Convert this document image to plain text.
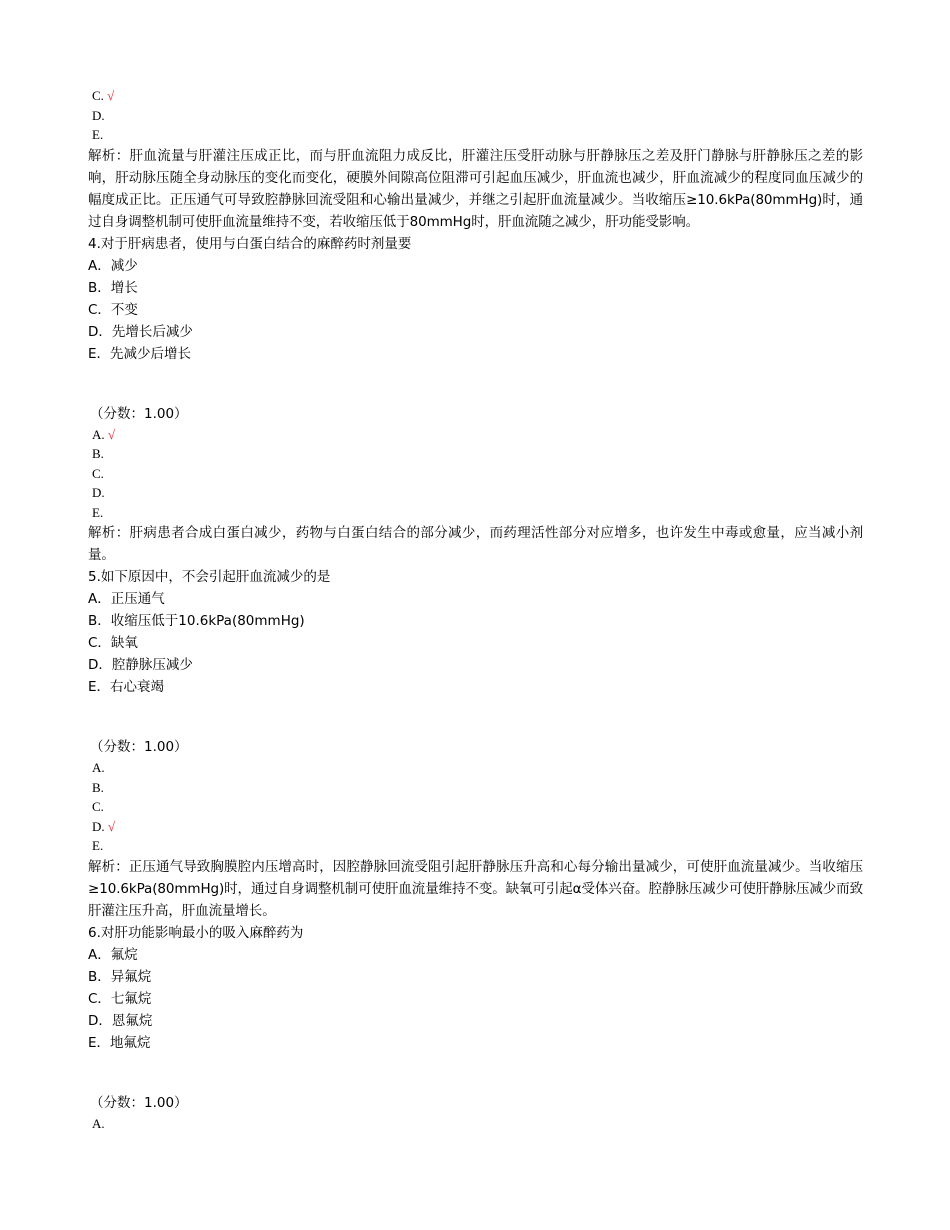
C. √
D.
E.

解析：肝血流量与肝灌注压成正比，而与肝血流阻力成反比，肝灌注压受肝动脉与肝静脉压之差及肝门静脉与肝静脉压之差的影响，肝动脉压随全身动脉压的变化而变化，硬膜外间隙高位阻滞可引起血压减少，肝血流也减少，肝血流减少的程度同血压减少的幅度成正比。正压通气可导致腔静脉回流受阻和心输出量减少，并继之引起肝血流量减少。当收缩压≥10.6kPa(80mmHg)时，通过自身调整机制可使肝血流量维持不变，若收缩压低于80mmHg时，肝血流随之减少，肝功能受影响。

4.对于肝病患者，使用与白蛋白结合的麻醉药时剂量要
A．减少
B．增长
C．不变
D．先增长后减少
E．先减少后增长
（分数：1.00）
A. √
B.
C.
D.
E.

解析：肝病患者合成白蛋白减少，药物与白蛋白结合的部分减少，而药理活性部分对应增多，也许发生中毒或愈量，应当减小剂量。

5.如下原因中，不会引起肝血流减少的是
A．正压通气
B．收缩压低于10.6kPa(80mmHg)
C．缺氧
D．腔静脉压减少
E．右心衰竭
（分数：1.00）
A.
B.
C.
D. √
E.

解析：正压通气导致胸膜腔内压增高时，因腔静脉回流受阻引起肝静脉压升高和心每分输出量减少，可使肝血流量减少。当收缩压≥10.6kPa(80mmHg)时，通过自身调整机制可使肝血流量维持不变。缺氧可引起α受体兴奋。腔静脉压减少可使肝静脉压减少而致肝灌注压升高，肝血流量增长。

6.对肝功能影响最小的吸入麻醉药为
A．氟烷
B．异氟烷
C．七氟烷
D．恩氟烷
E．地氟烷
（分数：1.00）
A.
